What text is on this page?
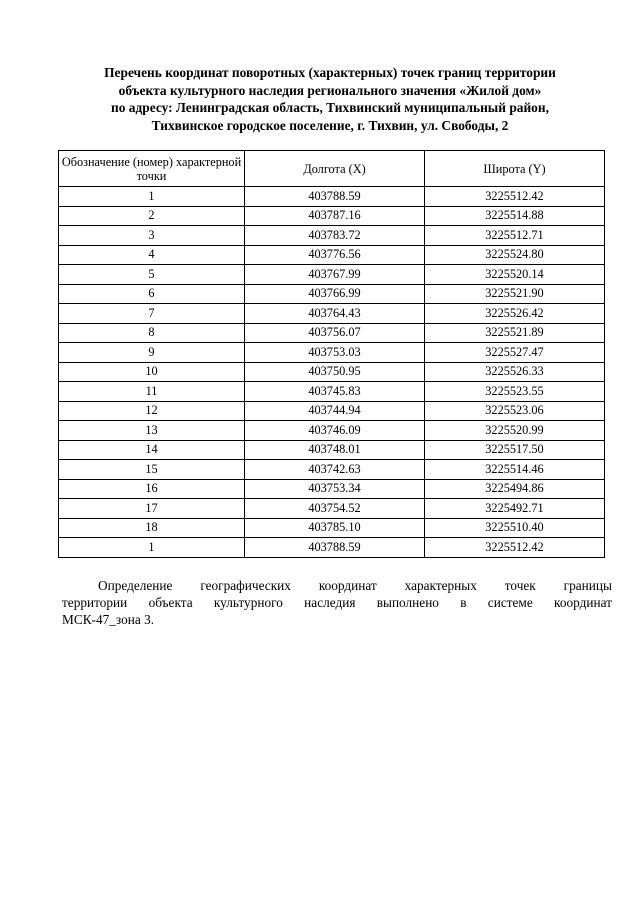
Перечень координат поворотных (характерных) точек границ территории
объекта культурного наследия регионального значения «Жилой дом»
по адресу: Ленинградская область, Тихвинский муниципальный район,
Тихвинское городское поселение, г. Тихвин, ул. Свободы, 2
Обозначение (номер) характерной точки	Долгота (X)	Широта (Y)
1	403788.59	3225512.42
2	403787.16	3225514.88
3	403783.72	3225512.71
4	403776.56	3225524.80
5	403767.99	3225520.14
6	403766.99	3225521.90
7	403764.43	3225526.42
8	403756.07	3225521.89
9	403753.03	3225527.47
10	403750.95	3225526.33
11	403745.83	3225523.55
12	403744.94	3225523.06
13	403746.09	3225520.99
14	403748.01	3225517.50
15	403742.63	3225514.46
16	403753.34	3225494.86
17	403754.52	3225492.71
18	403785.10	3225510.40
1	403788.59	3225512.42
Определение географических координат характерных точек границы
территории объекта культурного наследия выполнено в системе координат
МСК-47_зона 3.
